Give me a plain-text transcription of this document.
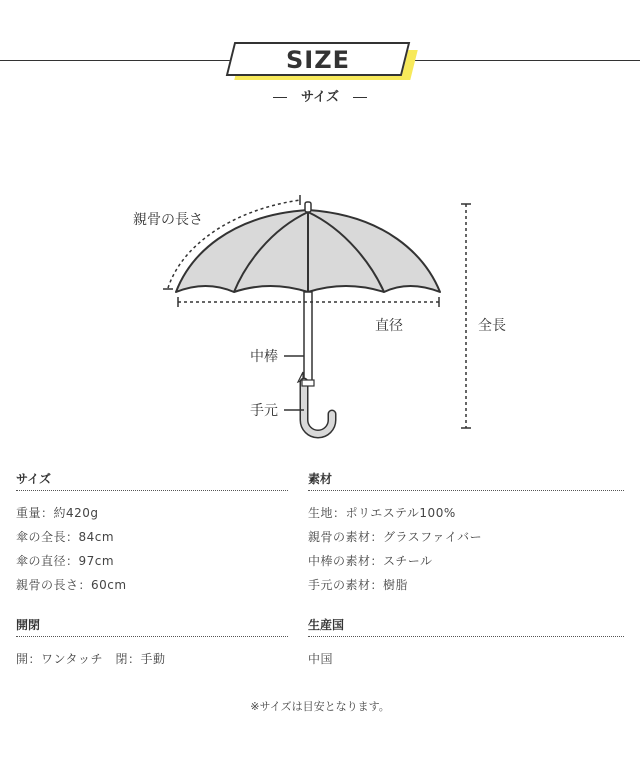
SIZE
サイズ
親骨の長さ
直径	全長
中棒
手元
サイズ
重量：約420g
傘の全長：84cm
傘の直径：97cm
親骨の長さ：60cm
素材
生地：ポリエステル100%
親骨の素材：グラスファイバー
中棒の素材：スチール
手元の素材：樹脂
開閉
開：ワンタッチ　閉：手動
生産国
中国
※サイズは目安となります。
